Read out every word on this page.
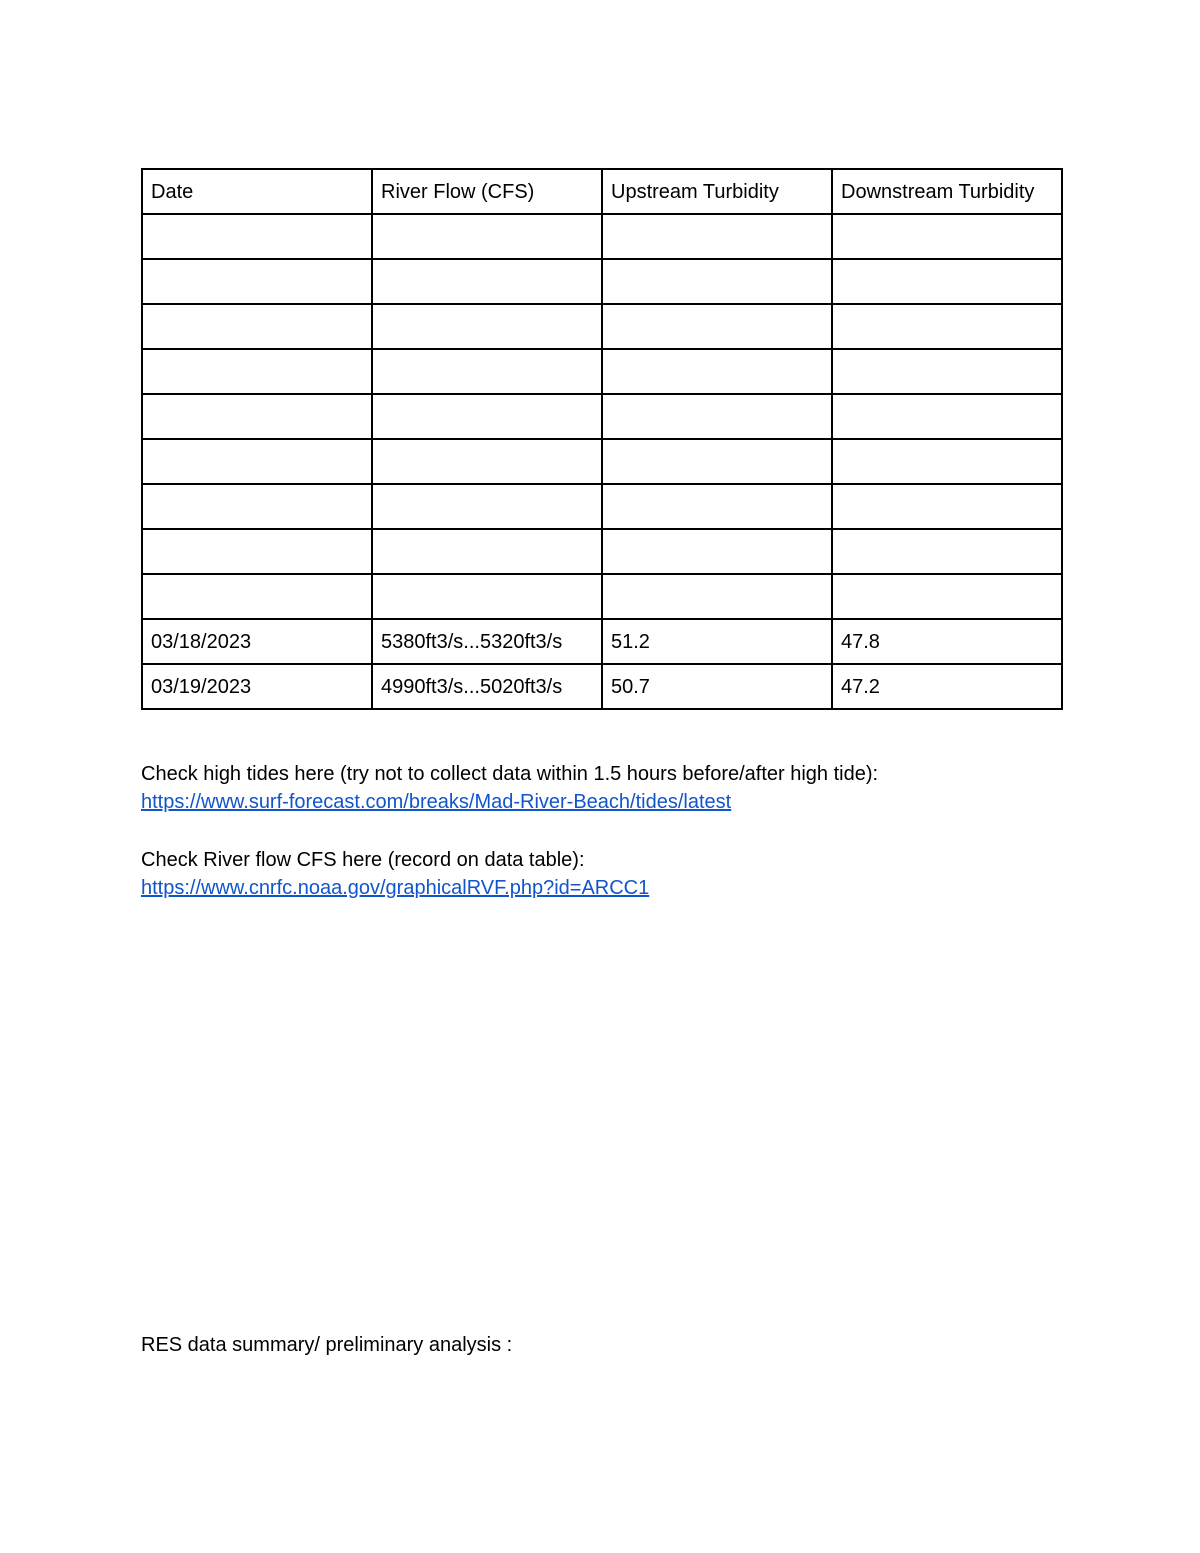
Date	River Flow (CFS)	Upstream Turbidity	Downstream Turbidity

03/18/2023	5380ft3/s...5320ft3/s	51.2	47.8
03/19/2023	4990ft3/s...5020ft3/s	50.7	47.2
Check high tides here (try not to collect data within 1.5 hours before/after high tide):
https://www.surf-forecast.com/breaks/Mad-River-Beach/tides/latest
Check River flow CFS here (record on data table):
https://www.cnrfc.noaa.gov/graphicalRVF.php?id=ARCC1
RES data summary/ preliminary analysis :
